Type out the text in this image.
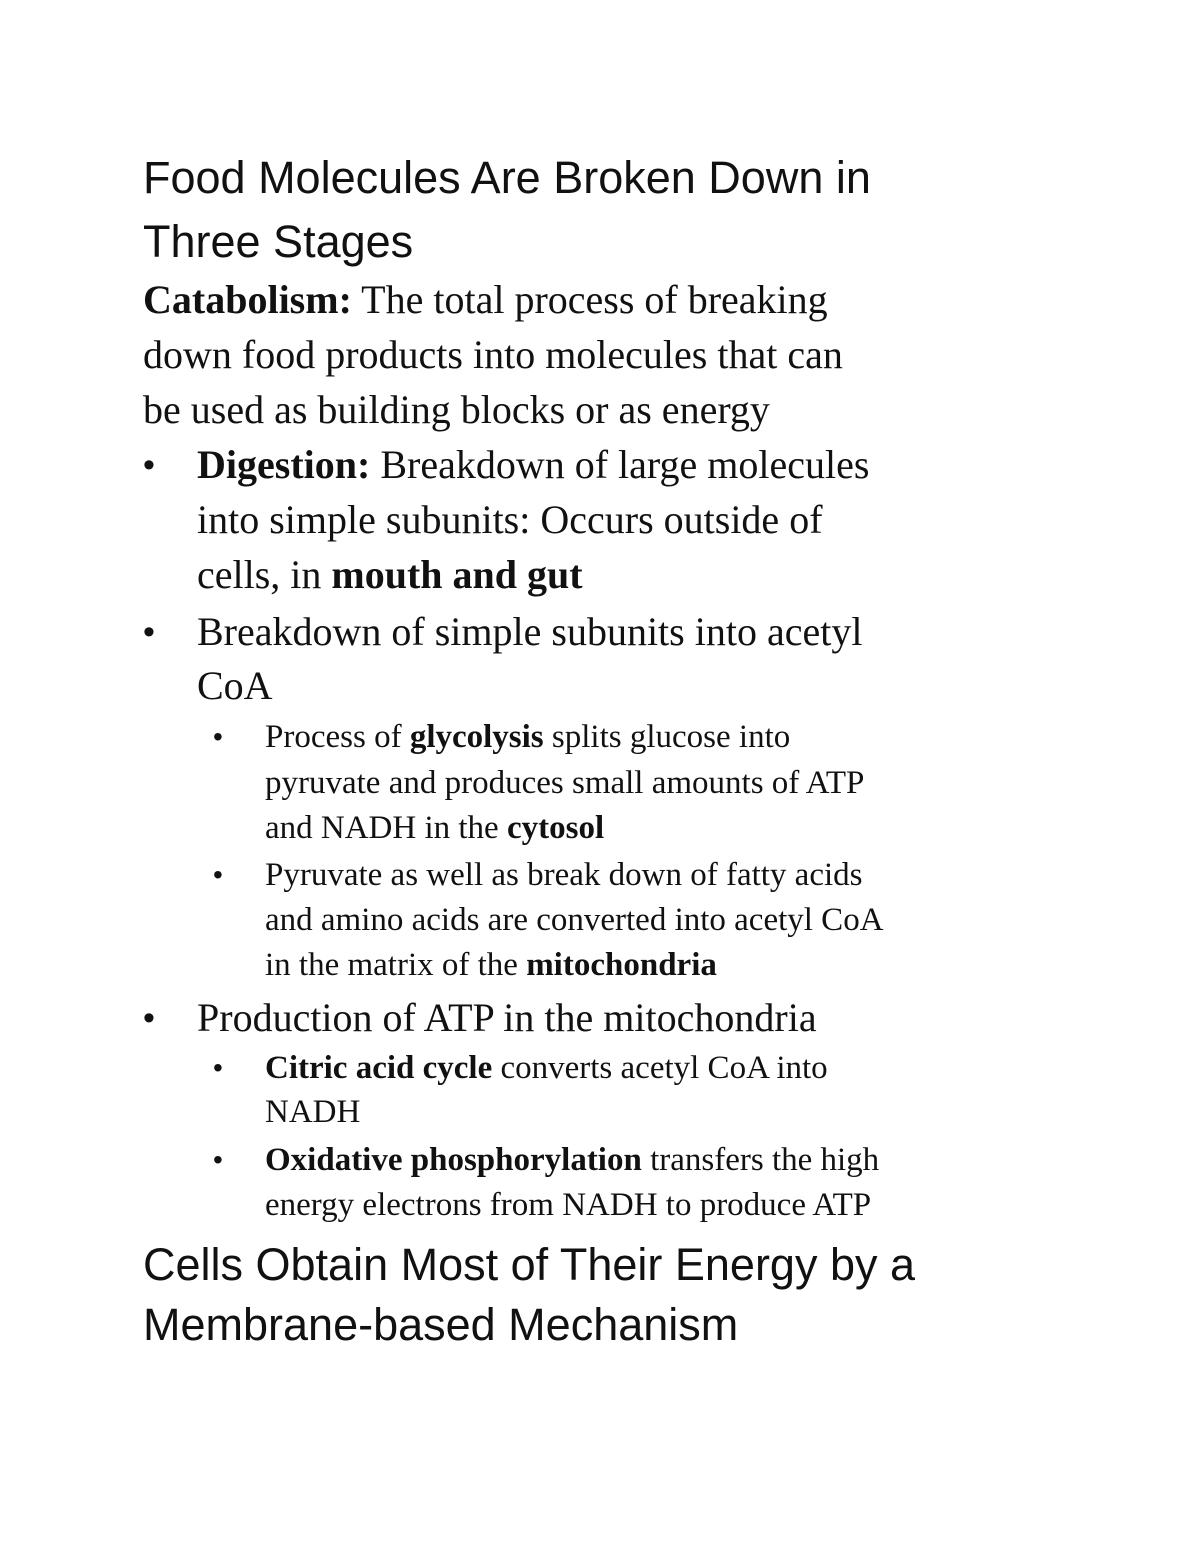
Food Molecules Are Broken Down in
Three Stages
Catabolism: The total process of breaking
down food products into molecules that can
be used as building blocks or as energy
• Digestion: Breakdown of large molecules
into simple subunits: Occurs outside of
cells, in mouth and gut
• Breakdown of simple subunits into acetyl
CoA
• Process of glycolysis splits glucose into
pyruvate and produces small amounts of ATP
and NADH in the cytosol
• Pyruvate as well as break down of fatty acids
and amino acids are converted into acetyl CoA
in the matrix of the mitochondria
• Production of ATP in the mitochondria
• Citric acid cycle converts acetyl CoA into
NADH
• Oxidative phosphorylation transfers the high
energy electrons from NADH to produce ATP
Cells Obtain Most of Their Energy by a
Membrane-based Mechanism
